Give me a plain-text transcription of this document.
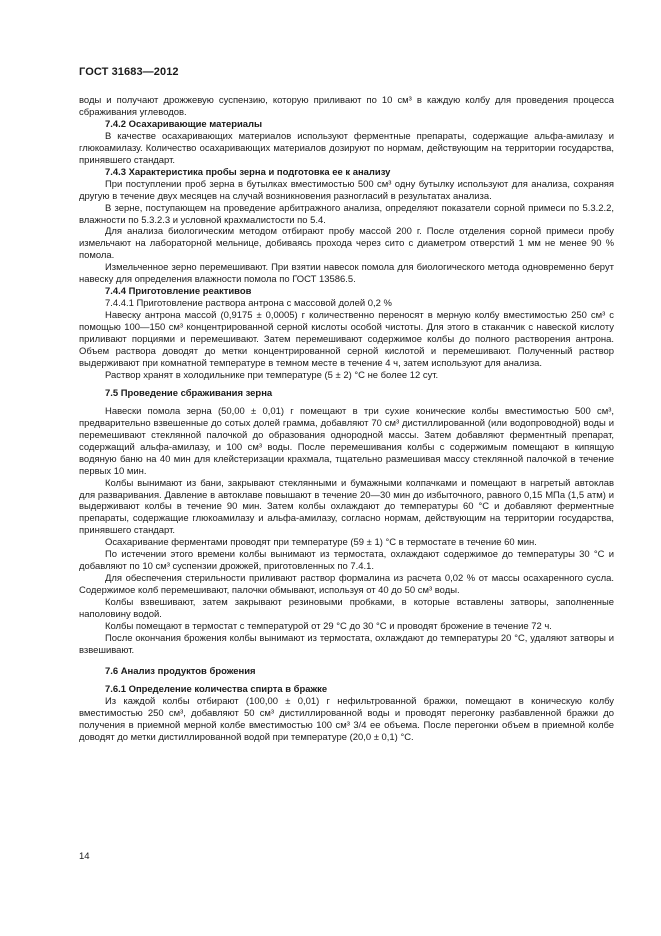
ГОСТ 31683—2012

воды и получают дрожжевую суспензию, которую приливают по 10 см³ в каждую колбу для проведения процесса сбраживания углеводов.

7.4.2 Осахаривающие материалы

В качестве осахаривающих материалов используют ферментные препараты, содержащие альфа-амилазу и глюкоамилазу. Количество осахаривающих материалов дозируют по нормам, действующим на территории государства, принявшего стандарт.

7.4.3 Характеристика пробы зерна и подготовка ее к анализу

При поступлении проб зерна в бутылках вместимостью 500 см³ одну бутылку используют для анализа, сохраняя другую в течение двух месяцев на случай возникновения разногласий в результатах анализа.

В зерне, поступающем на проведение арбитражного анализа, определяют показатели сорной примеси по 5.3.2.2, влажности по 5.3.2.3 и условной крахмалистости по 5.4.

Для анализа биологическим методом отбирают пробу массой 200 г. После отделения сорной примеси пробу измельчают на лабораторной мельнице, добиваясь прохода через сито с диаметром отверстий 1 мм не менее 90 % помола.

Измельченное зерно перемешивают. При взятии навесок помола для биологического метода одновременно берут навеску для определения влажности помола по ГОСТ 13586.5.

7.4.4 Приготовление реактивов

7.4.4.1 Приготовление раствора антрона с массовой долей 0,2 %

Навеску антрона массой (0,9175 ± 0,0005) г количественно переносят в мерную колбу вместимостью 250 см³ с помощью 100—150 см³ концентрированной серной кислоты особой чистоты. Для этого в стаканчик с навеской кислоту приливают порциями и перемешивают. Затем перемешивают содержимое колбы до полного растворения антрона. Объем раствора доводят до метки концентрированной серной кислотой и перемешивают. Полученный раствор выдерживают при комнатной температуре в темном месте в течение 4 ч, затем используют для анализа.

Раствор хранят в холодильнике при температуре (5 ± 2) °С не более 12 сут.

7.5 Проведение сбраживания зерна

Навески помола зерна (50,00 ± 0,01) г помещают в три сухие конические колбы вместимостью 500 см³, предварительно взвешенные до сотых долей грамма, добавляют 70 см³ дистиллированной (или водопроводной) воды и перемешивают стеклянной палочкой до образования однородной массы. Затем добавляют ферментный препарат, содержащий альфа-амилазу, и 100 см³ воды. После перемешивания колбы с содержимым помещают в кипящую водяную баню на 40 мин для клейстеризации крахмала, тщательно размешивая массу стеклянной палочкой в течение первых 10 мин.

Колбы вынимают из бани, закрывают стеклянными и бумажными колпачками и помещают в нагретый автоклав для разваривания. Давление в автоклаве повышают в течение 20—30 мин до избыточного, равного 0,15 МПа (1,5 атм) и выдерживают колбы в течение 90 мин. Затем колбы охлаждают до температуры 60 °С и добавляют ферментные препараты, содержащие глюкоамилазу и альфа-амилазу, согласно нормам, действующим на территории государства, принявшего стандарт.

Осахаривание ферментами проводят при температуре (59 ± 1) °С в термостате в течение 60 мин.

По истечении этого времени колбы вынимают из термостата, охлаждают содержимое до температуры 30 °С и добавляют по 10 см³ суспензии дрожжей, приготовленных по 7.4.1.

Для обеспечения стерильности приливают раствор формалина из расчета 0,02 % от массы осахаренного сусла. Содержимое колб перемешивают, палочки обмывают, используя от 40 до 50 см³ воды.

Колбы взвешивают, затем закрывают резиновыми пробками, в которые вставлены затворы, заполненные наполовину водой.

Колбы помещают в термостат с температурой от 29 °С до 30 °С и проводят брожение в течение 72 ч.

После окончания брожения колбы вынимают из термостата, охлаждают до температуры 20 °С, удаляют затворы и взвешивают.

7.6 Анализ продуктов брожения

7.6.1 Определение количества спирта в бражке

Из каждой колбы отбирают (100,00 ± 0,01) г нефильтрованной бражки, помещают в коническую колбу вместимостью 250 см³, добавляют 50 см³ дистиллированной воды и проводят перегонку разбавленной бражки до получения в приемной мерной колбе вместимостью 100 см³ 3/4 ее объема. После перегонки объем в приемной колбе доводят до метки дистиллированной водой при температуре (20,0 ± 0,1) °С.

14
